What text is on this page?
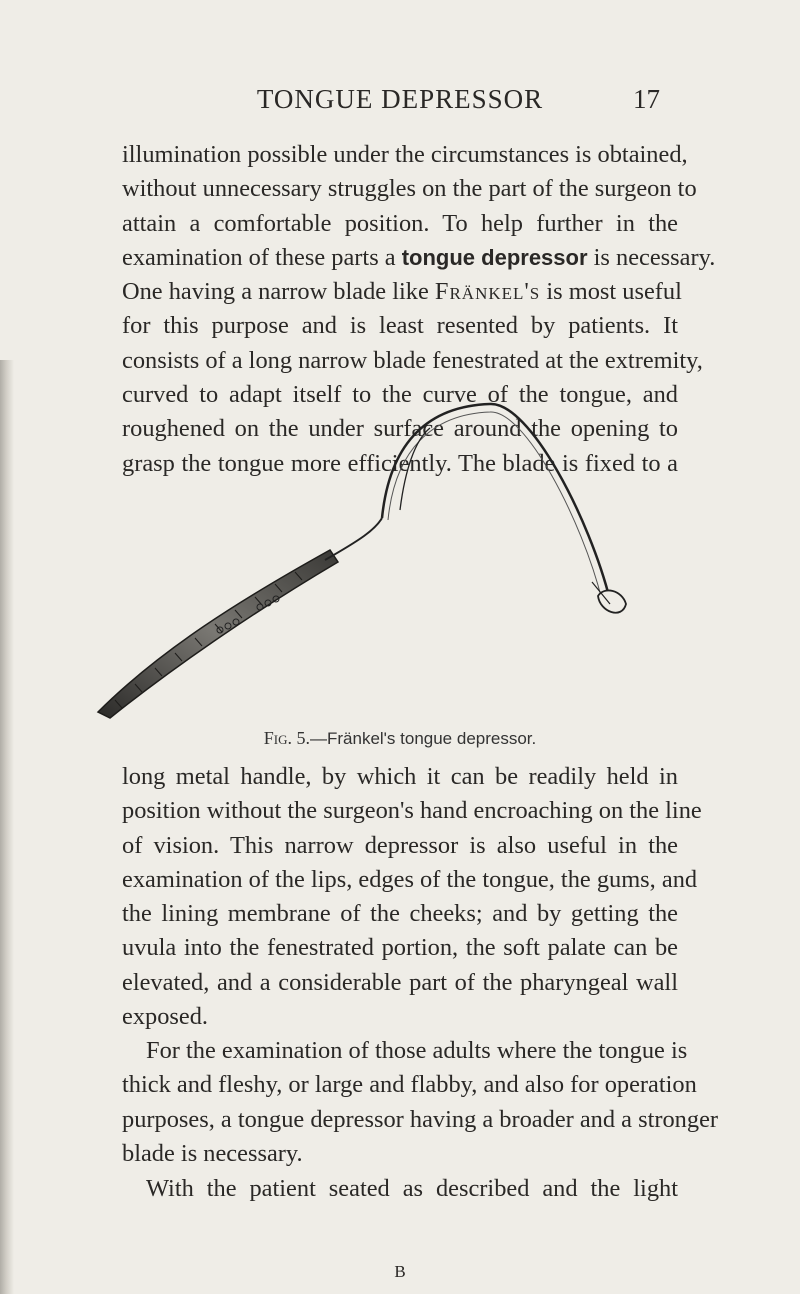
TONGUE DEPRESSOR	17
illumination possible under the circumstances is obtained,
without unnecessary struggles on the part of the surgeon to
attain a comfortable position. To help further in the
examination of these parts a tongue depressor is necessary.
One having a narrow blade like Fränkel's is most useful
for this purpose and is least resented by patients. It
consists of a long narrow blade fenestrated at the extremity,
curved to adapt itself to the curve of the tongue, and
roughened on the under surface around the opening to
grasp the tongue more efficiently. The blade is fixed to a
Fig. 5.—Fränkel's tongue depressor.
long metal handle, by which it can be readily held in
position without the surgeon's hand encroaching on the line
of vision. This narrow depressor is also useful in the
examination of the lips, edges of the tongue, the gums, and
the lining membrane of the cheeks; and by getting the
uvula into the fenestrated portion, the soft palate can be
elevated, and a considerable part of the pharyngeal wall
exposed.
For the examination of those adults where the tongue is
thick and fleshy, or large and flabby, and also for operation
purposes, a tongue depressor having a broader and a stronger
blade is necessary.
With the patient seated as described and the light
B
